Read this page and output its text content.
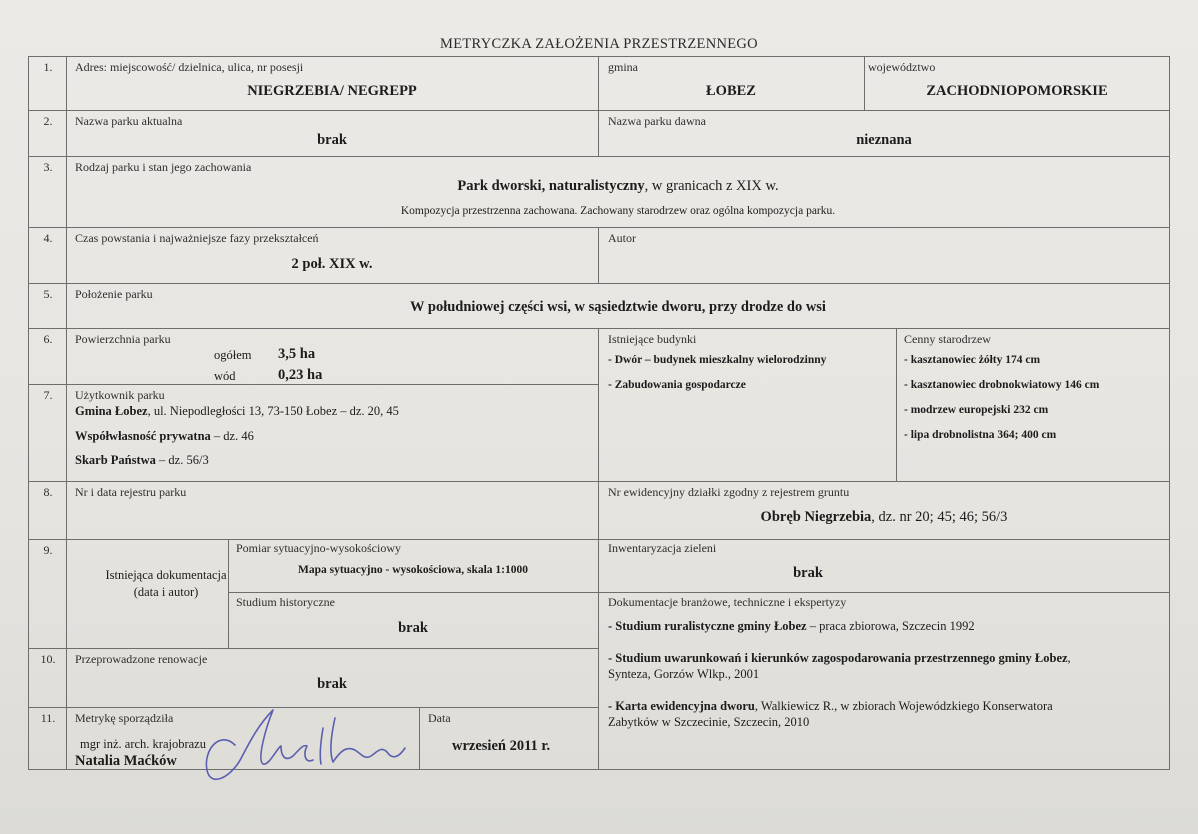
METRYCZKA ZAŁOŻENIA PRZESTRZENNEGO
1.
2.
3.
4.
5.
6.
7.
8.
9.
10.
11.
Adres: miejscowość/ dzielnica, ulica, nr posesji
NIEGRZEBIA/ NEGREPP
gmina
ŁOBEZ
województwo
ZACHODNIOPOMORSKIE
Nazwa parku aktualna
brak
Nazwa parku dawna
nieznana
Rodzaj parku i stan jego zachowania
Park dworski, naturalistyczny, w granicach z XIX w.
Kompozycja przestrzenna zachowana. Zachowany starodrzew oraz ogólna kompozycja parku.
Czas powstania i najważniejsze fazy przekształceń
2 poł. XIX w.
Autor
Położenie parku
W południowej części wsi, w sąsiedztwie dworu, przy drodze do wsi
Powierzchnia parku
ogółem 3,5 ha
wód	0,23 ha
Istniejące budynki
- Dwór – budynek mieszkalny wielorodzinny
- Zabudowania gospodarcze
Cenny starodrzew
- kasztanowiec żółty 174 cm
- kasztanowiec drobnokwiatowy 146 cm
- modrzew europejski 232 cm
- lipa drobnolistna 364; 400 cm
Użytkownik parku
Gmina Łobez, ul. Niepodległości 13, 73-150 Łobez – dz. 20, 45
Współwłasność prywatna – dz. 46
Skarb Państwa – dz. 56/3
Nr i data rejestru parku	Nr ewidencyjny działki zgodny z rejestrem gruntu
Obręb Niegrzebia, dz. nr 20; 45; 46; 56/3
Istniejąca dokumentacja
(data i autor)
Pomiar sytuacyjno-wysokościowy
Mapa sytuacyjno - wysokościowa, skala 1:1000
Studium historyczne
brak
Inwentaryzacja zieleni
brak
Dokumentacje branżowe, techniczne i ekspertyzy
- Studium ruralistyczne gminy Łobez – praca zbiorowa, Szczecin 1992
- Studium uwarunkowań i kierunków zagospodarowania przestrzennego gminy Łobez,
Synteza, Gorzów Wlkp., 2001
- Karta ewidencyjna dworu, Walkiewicz R., w zbiorach Wojewódzkiego Konserwatora
Zabytków w Szczecinie, Szczecin, 2010
Przeprowadzone renowacje
brak
Metrykę sporządziła
mgr inż. arch. krajobrazu
Natalia Maćków
Data
wrzesień 2011 r.
